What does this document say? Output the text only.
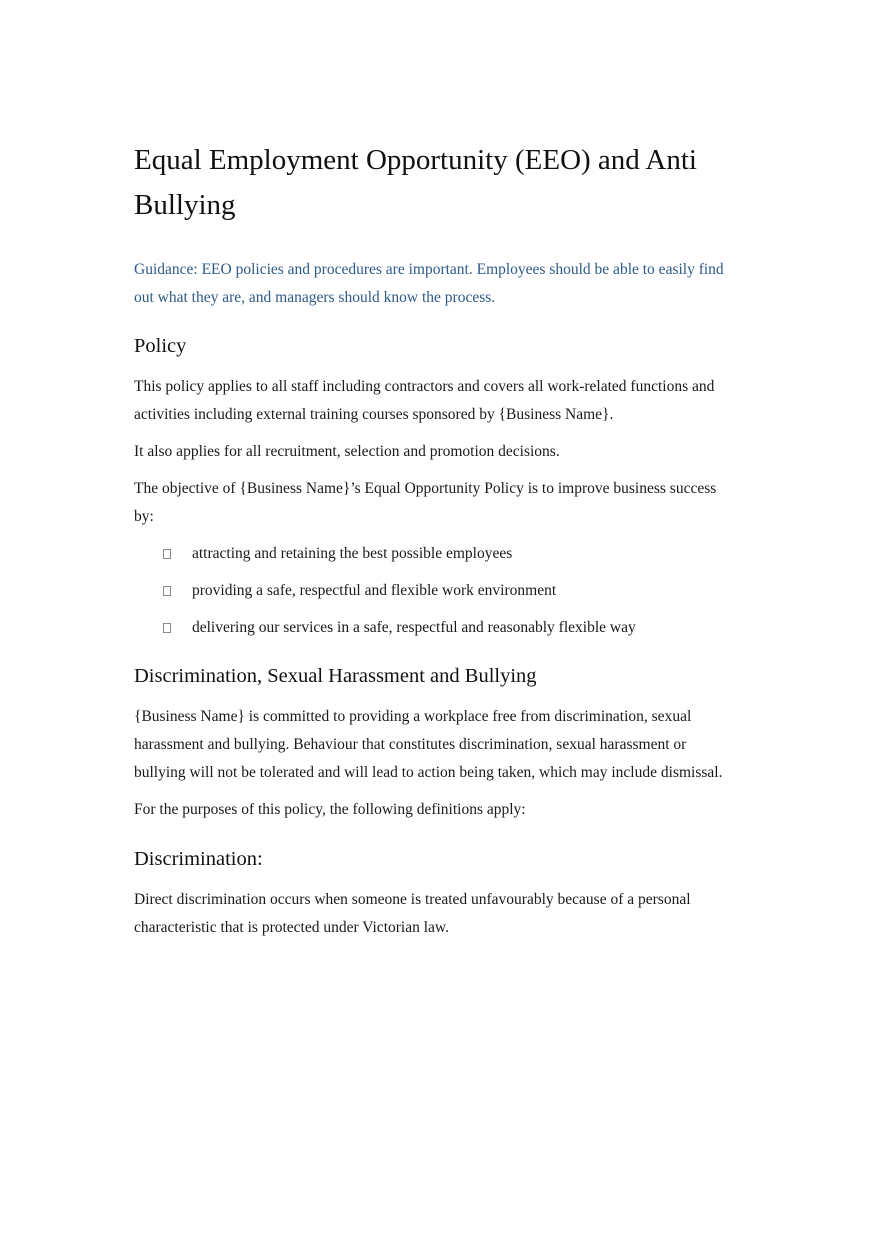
Equal Employment Opportunity (EEO) and Anti Bullying

Guidance: EEO policies and procedures are important. Employees should be able to easily find out what they are, and managers should know the process.

Policy

This policy applies to all staff including contractors and covers all work-related functions and activities including external training courses sponsored by {Business Name}.

It also applies for all recruitment, selection and promotion decisions.

The objective of {Business Name}’s Equal Opportunity Policy is to improve business success by:

attracting and retaining the best possible employees
providing a safe, respectful and flexible work environment
delivering our services in a safe, respectful and reasonably flexible way
Discrimination, Sexual Harassment and Bullying

{Business Name} is committed to providing a workplace free from discrimination, sexual harassment and bullying. Behaviour that constitutes discrimination, sexual harassment or bullying will not be tolerated and will lead to action being taken, which may include dismissal.

For the purposes of this policy, the following definitions apply:

Discrimination:

Direct discrimination occurs when someone is treated unfavourably because of a personal characteristic that is protected under Victorian law.
